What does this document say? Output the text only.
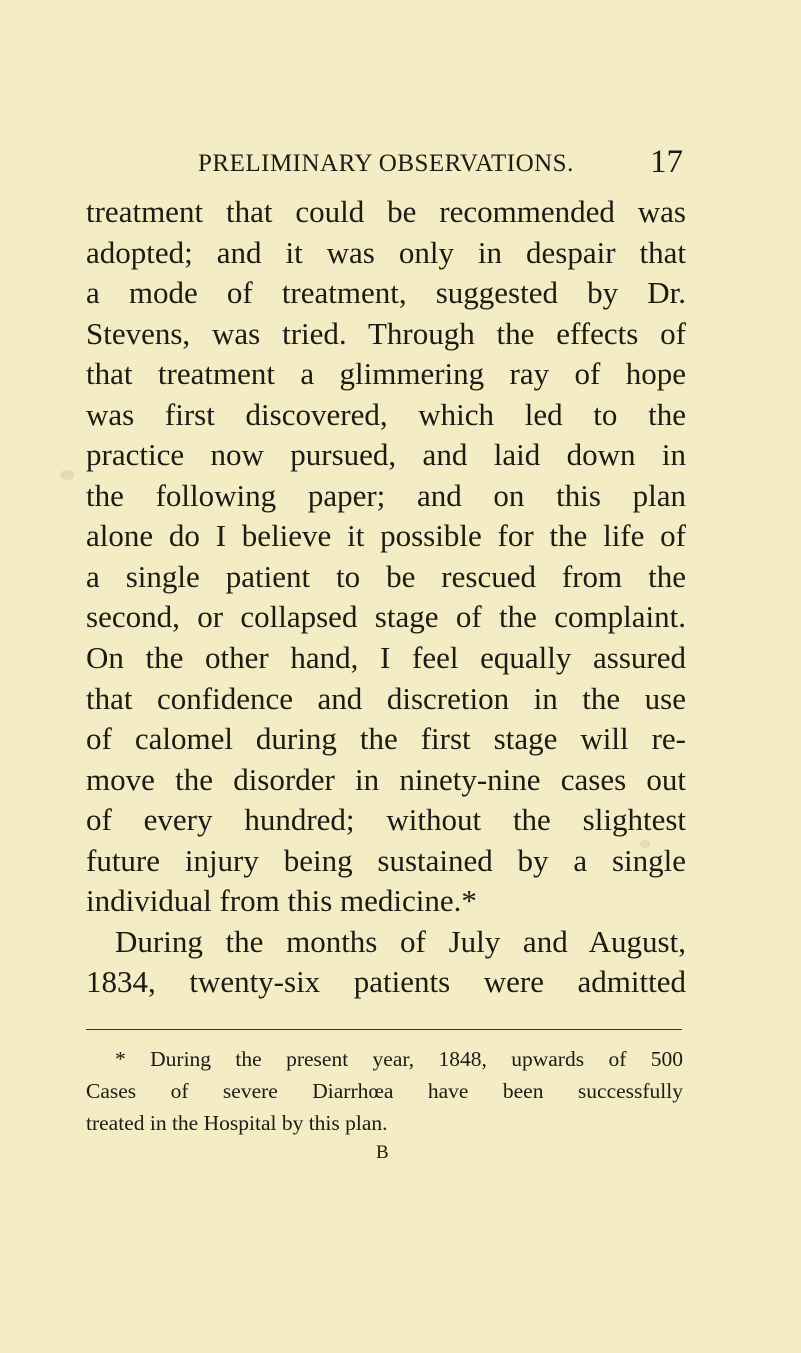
PRELIMINARY OBSERVATIONS. 17
treatment that could be recommended was
adopted; and it was only in despair that
a mode of treatment, suggested by Dr.
Stevens, was tried. Through the effects of
that treatment a glimmering ray of hope
was first discovered, which led to the
practice now pursued, and laid down in
the following paper; and on this plan
alone do I believe it possible for the life of
a single patient to be rescued from the
second, or collapsed stage of the complaint.
On the other hand, I feel equally assured
that confidence and discretion in the use
of calomel during the first stage will re-
move the disorder in ninety-nine cases out
of every hundred; without the slightest
future injury being sustained by a single
individual from this medicine.*
During the months of July and August,
1834, twenty-six patients were admitted
* During the present year, 1848, upwards of 500
Cases of severe Diarrhœa have been successfully
treated in the Hospital by this plan.
B
